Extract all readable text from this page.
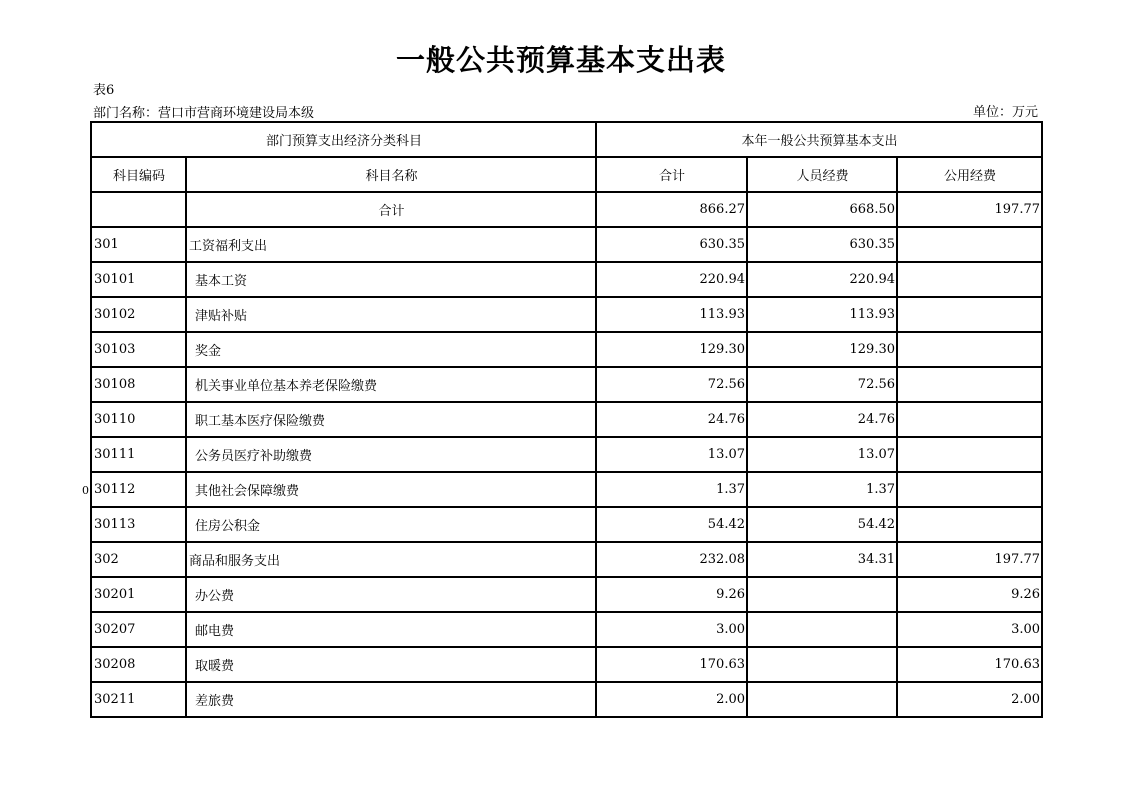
一般公共预算基本支出表
表6
部门名称：营口市营商环境建设局本级	单位：万元
0
部门预算支出经济分类科目		本年一般公共预算基本支出		
科目编码	科目名称	合计	人员经费	公用经费
	合计	866.27	668.50	197.77
301	工资福利支出	630.35	630.35	
30101	基本工资	220.94	220.94	
30102	津贴补贴	113.93	113.93	
30103	奖金	129.30	129.30	
30108	机关事业单位基本养老保险缴费	72.56	72.56	
30110	职工基本医疗保险缴费	24.76	24.76	
30111	公务员医疗补助缴费	13.07	13.07	
30112	其他社会保障缴费	1.37	1.37	
30113	住房公积金	54.42	54.42	
302	商品和服务支出	232.08	34.31	197.77
30201	办公费	9.26		9.26
30207	邮电费	3.00		3.00
30208	取暖费	170.63		170.63
30211	差旅费	2.00		2.00
